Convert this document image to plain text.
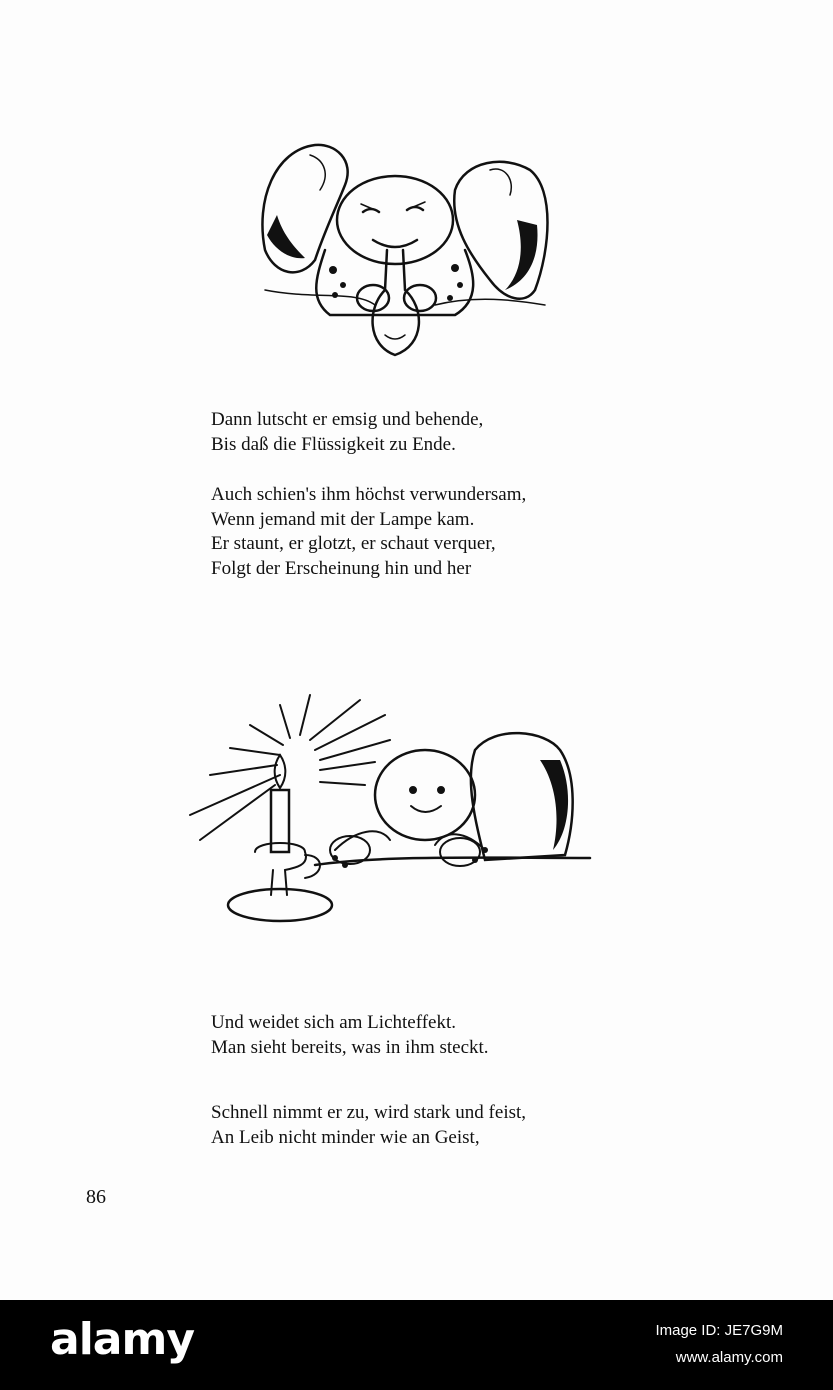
Dann lutscht er emsig und behende,
Bis daß die Flüssigkeit zu Ende.
Auch schien's ihm höchst verwundersam,
Wenn jemand mit der Lampe kam.
Er staunt, er glotzt, er schaut verquer,
Folgt der Erscheinung hin und her
Und weidet sich am Lichteffekt.
Man sieht bereits, was in ihm steckt.
Schnell nimmt er zu, wird stark und feist,
An Leib nicht minder wie an Geist,
86
alamy	Image ID: JE7G9M
www.alamy.com
